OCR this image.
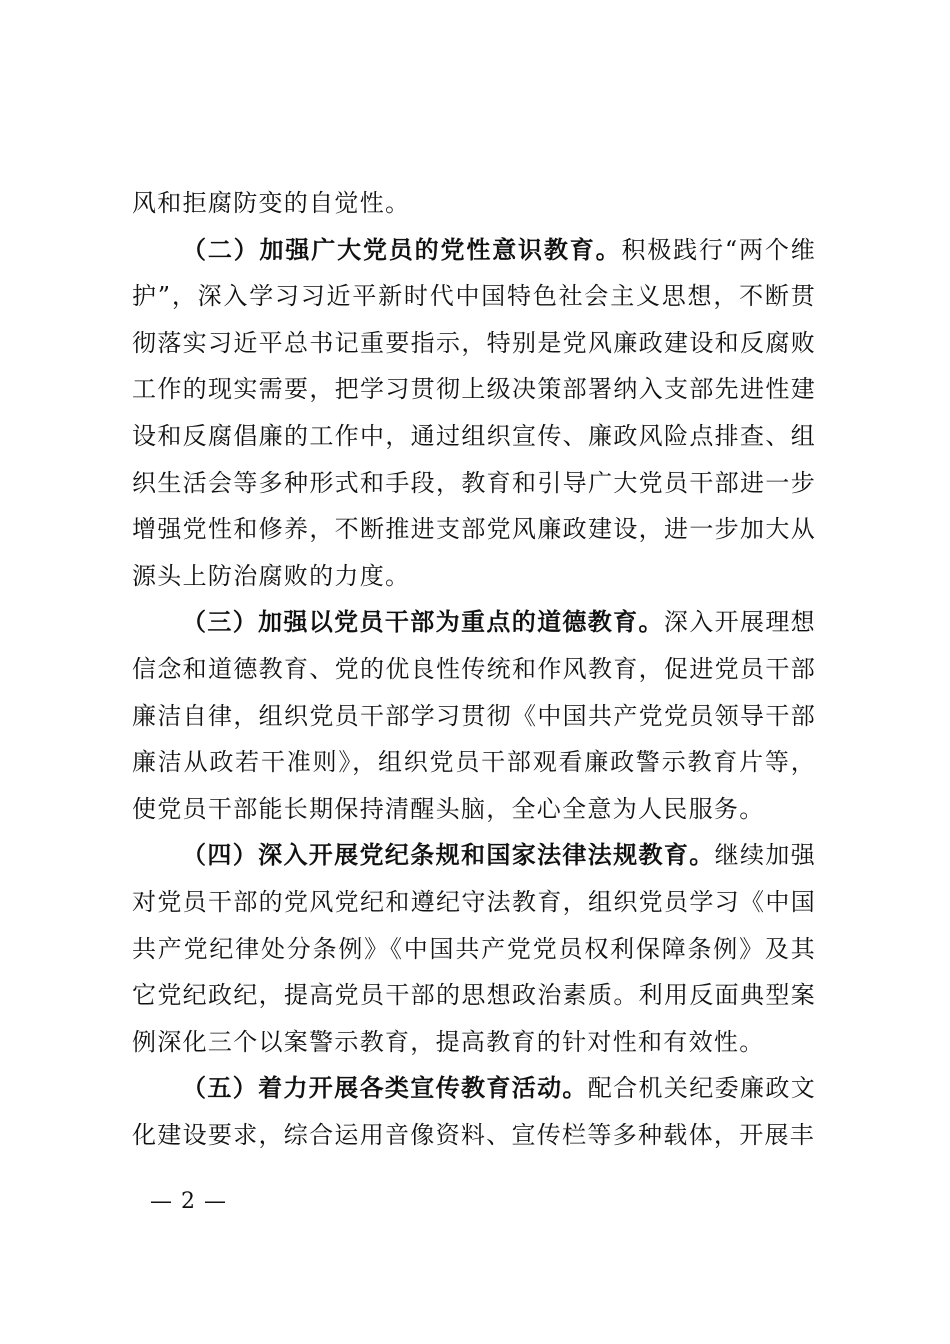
风和拒腐防变的自觉性。

（二）加强广大党员的党性意识教育。积极践行“两个维护”，深入学习习近平新时代中国特色社会主义思想，不断贯彻落实习近平总书记重要指示，特别是党风廉政建设和反腐败工作的现实需要，把学习贯彻上级决策部署纳入支部先进性建设和反腐倡廉的工作中，通过组织宣传、廉政风险点排查、组织生活会等多种形式和手段，教育和引导广大党员干部进一步增强党性和修养，不断推进支部党风廉政建设，进一步加大从源头上防治腐败的力度。

（三）加强以党员干部为重点的道德教育。深入开展理想信念和道德教育、党的优良性传统和作风教育，促进党员干部廉洁自律，组织党员干部学习贯彻《中国共产党党员领导干部廉洁从政若干准则》，组织党员干部观看廉政警示教育片等，使党员干部能长期保持清醒头脑，全心全意为人民服务。

（四）深入开展党纪条规和国家法律法规教育。继续加强对党员干部的党风党纪和遵纪守法教育，组织党员学习《中国共产党纪律处分条例》《中国共产党党员权利保障条例》及其它党纪政纪，提高党员干部的思想政治素质。利用反面典型案例深化三个以案警示教育，提高教育的针对性和有效性。

（五）着力开展各类宣传教育活动。配合机关纪委廉政文化建设要求，综合运用音像资料、宣传栏等多种载体，开展丰

— 2 —
